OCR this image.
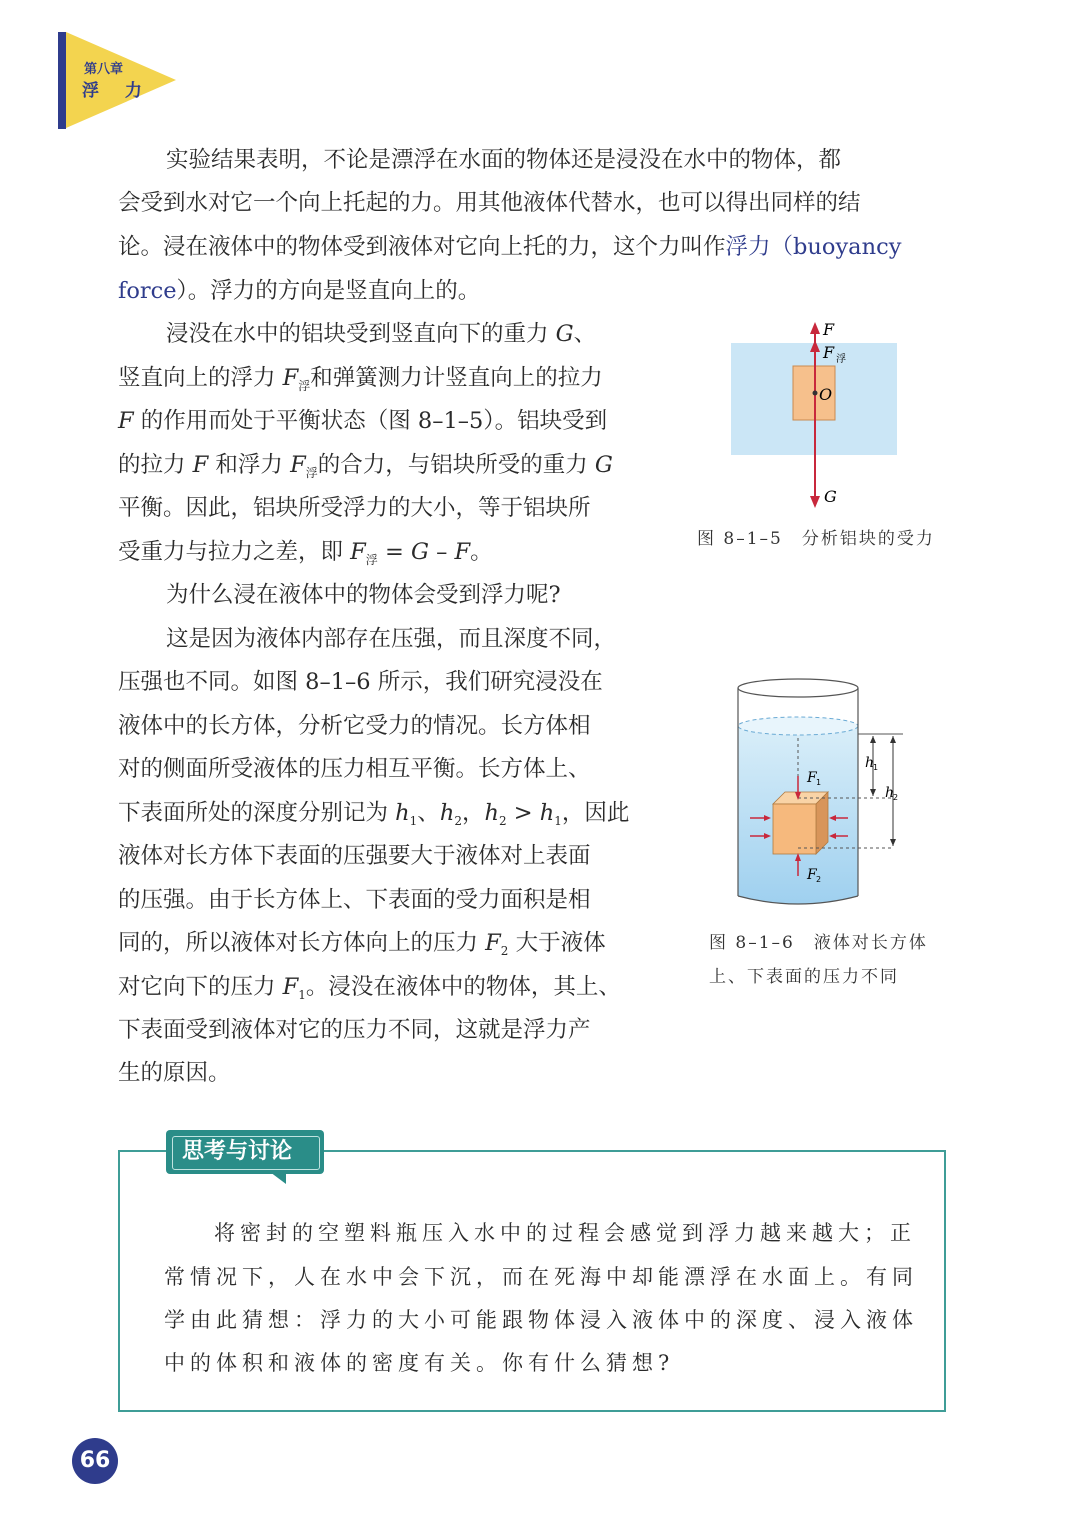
第八章
浮 力
实验结果表明，不论是漂浮在水面的物体还是浸没在水中的物体，都
会受到水对它一个向上托起的力。用其他液体代替水，也可以得出同样的结
论。浸在液体中的物体受到液体对它向上托的力，这个力叫作浮力（buoyancy
force）。浮力的方向是竖直向上的。
浸没在水中的铝块受到竖直向下的重力 G、
竖直向上的浮力 $F_浮$和弹簧测力计竖直向上的拉力
F 的作用而处于平衡状态（图 8–1–5）。铝块受到
的拉力 F 和浮力 $F_浮$的合力，与铝块所受的重力 G
平衡。因此，铝块所受浮力的大小，等于铝块所
受重力与拉力之差，即 $F_浮 = G - F$。
为什么浸在液体中的物体会受到浮力呢?
这是因为液体内部存在压强，而且深度不同，
压强也不同。如图 8–1–6 所示，我们研究浸没在
液体中的长方体，分析它受力的情况。长方体相
对的侧面所受液体的压力相互平衡。长方体上、
下表面所处的深度分别记为 $h_1$、$h_2$，$h_2 > h_1$，因此
液体对长方体下表面的压强要大于液体对上表面
的压强。由于长方体上、下表面的受力面积是相
同的，所以液体对长方体向上的压力 $F_2$ 大于液体
对它向下的压力 $F_1$。浸没在液体中的物体，其上、
下表面受到液体对它的压力不同，这就是浮力产
生的原因。
F
F 浮
O
G
图 8–1–5　分析铝块的受力
F 1
F 2
h
1
h
2
图 8–1–6　液体对长方体
上、下表面的压力不同
思考与讨论
将密封的空塑料瓶压入水中的过程会感觉到浮力越来越大；正
常情况下，人在水中会下沉，而在死海中却能漂浮在水面上。有同
学由此猜想：浮力的大小可能跟物体浸入液体中的深度、浸入液体
中的体积和液体的密度有关。你有什么猜想?
66
